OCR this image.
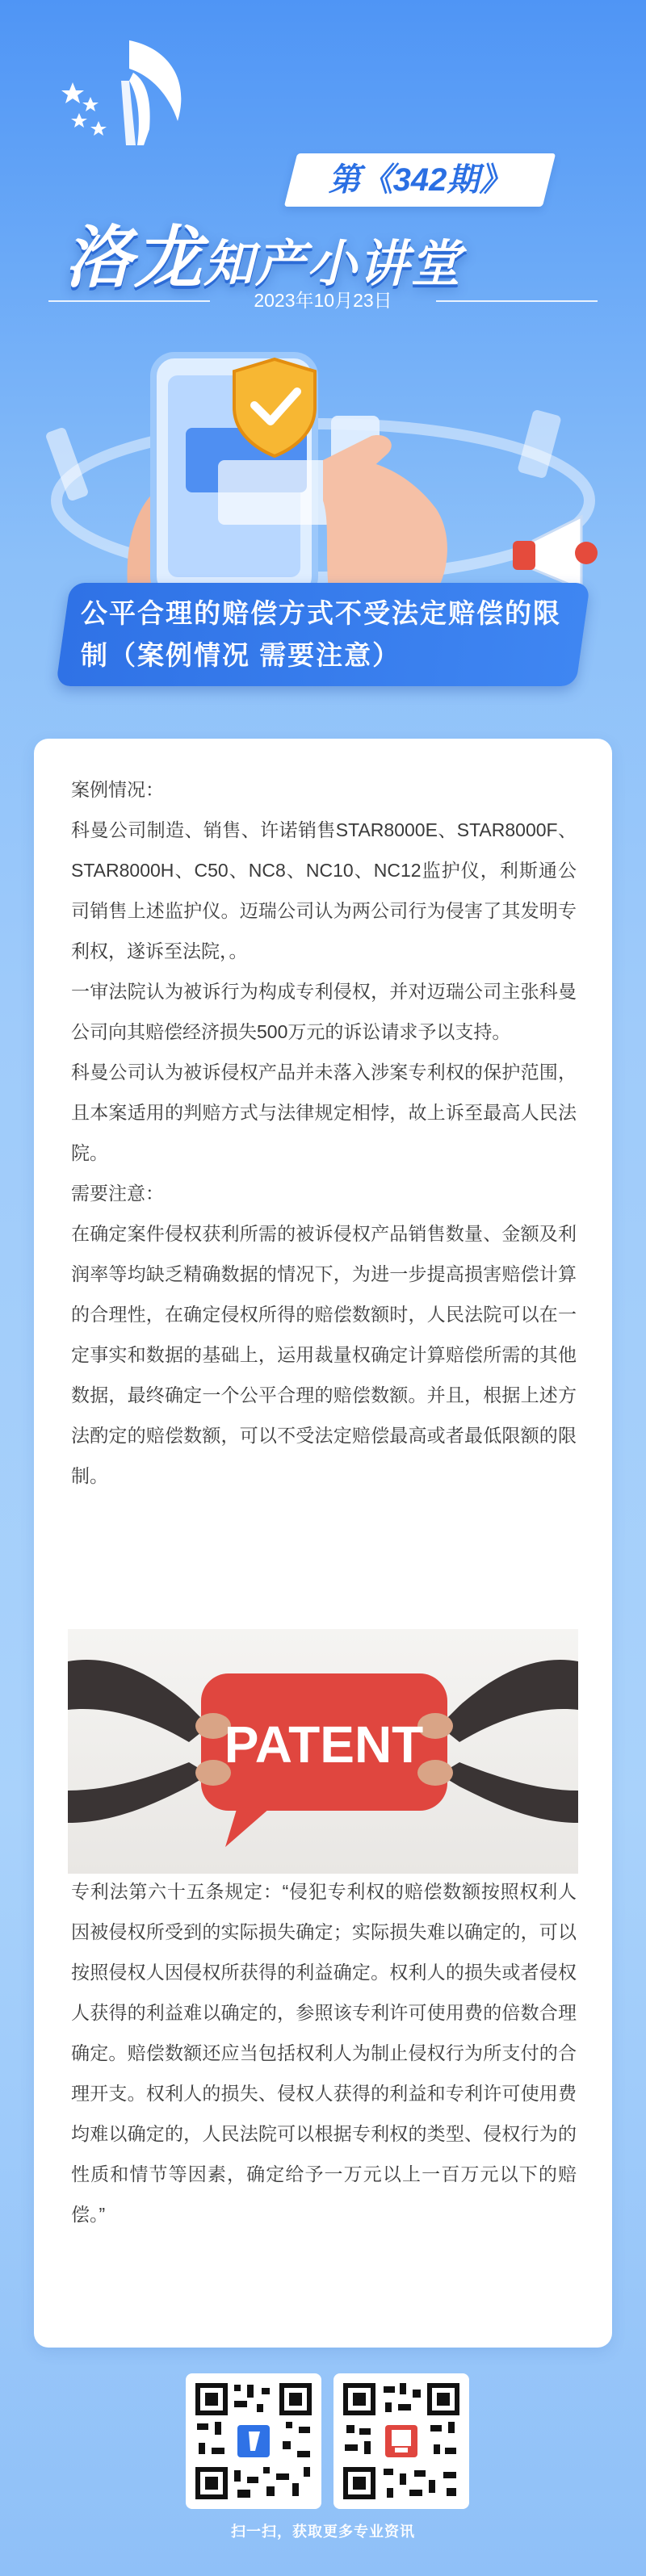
第《342期》
洛龙知产小讲堂
2023年10月23日
公平合理的赔偿方式不受法定赔偿的限制（案例情况 需要注意）

案例情况：

科曼公司制造、销售、许诺销售STAR8000E、STAR8000F、STAR8000H、C50、NC8、NC10、NC12监护仪，利斯通公司销售上述监护仪。迈瑞公司认为两公司行为侵害了其发明专利权，遂诉至法院，。

一审法院认为被诉行为构成专利侵权，并对迈瑞公司主张科曼公司向其赔偿经济损失500万元的诉讼请求予以支持。

科曼公司认为被诉侵权产品并未落入涉案专利权的保护范围，且本案适用的判赔方式与法律规定相悖，故上诉至最高人民法院。

需要注意：

在确定案件侵权获利所需的被诉侵权产品销售数量、金额及利润率等均缺乏精确数据的情况下，为进一步提高损害赔偿计算的合理性，在确定侵权所得的赔偿数额时，人民法院可以在一定事实和数据的基础上，运用裁量权确定计算赔偿所需的其他数据，最终确定一个公平合理的赔偿数额。并且，根据上述方法酌定的赔偿数额，可以不受法定赔偿最高或者最低限额的限制。

PATENT

专利法第六十五条规定：“侵犯专利权的赔偿数额按照权利人因被侵权所受到的实际损失确定；实际损失难以确定的，可以按照侵权人因侵权所获得的利益确定。权利人的损失或者侵权人获得的利益难以确定的，参照该专利许可使用费的倍数合理确定。赔偿数额还应当包括权利人为制止侵权行为所支付的合理开支。权利人的损失、侵权人获得的利益和专利许可使用费均难以确定的，人民法院可以根据专利权的类型、侵权行为的性质和情节等因素，确定给予一万元以上一百万元以下的赔偿。”

扫一扫，获取更多专业资讯
